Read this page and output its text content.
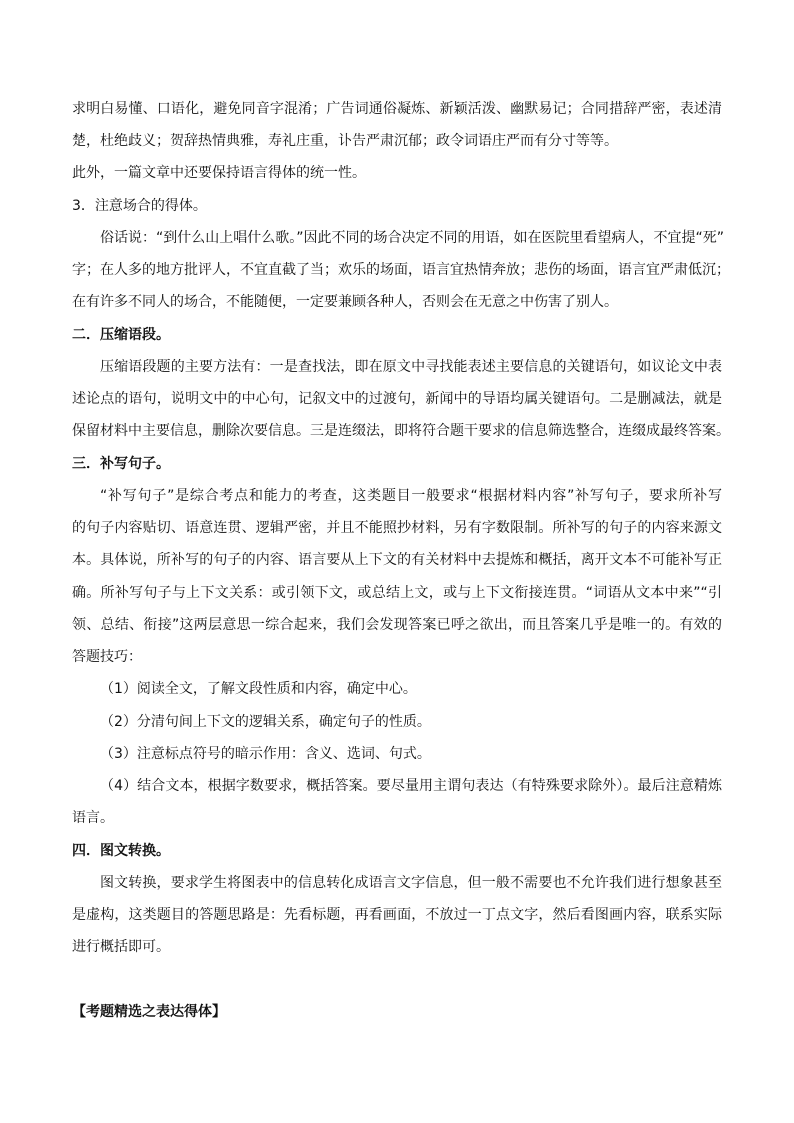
求明白易懂、口语化，避免同音字混淆；广告词通俗凝炼、新颖活泼、幽默易记；合同措辞严密，表述清
楚，杜绝歧义；贺辞热情典雅，寿礼庄重，讣告严肃沉郁；政令词语庄严而有分寸等等。
此外，一篇文章中还要保持语言得体的统一性。
3．注意场合的得体。
俗话说：“到什么山上唱什么歌。”因此不同的场合决定不同的用语，如在医院里看望病人，不宜提“死”
字；在人多的地方批评人，不宜直截了当；欢乐的场面，语言宜热情奔放；悲伤的场面，语言宜严肃低沉；
在有许多不同人的场合，不能随便，一定要兼顾各种人，否则会在无意之中伤害了别人。
二．压缩语段。
压缩语段题的主要方法有：一是查找法，即在原文中寻找能表述主要信息的关键语句，如议论文中表
述论点的语句，说明文中的中心句，记叙文中的过渡句，新闻中的导语均属关键语句。二是删减法，就是
保留材料中主要信息，删除次要信息。三是连缀法，即将符合题干要求的信息筛选整合，连缀成最终答案。
三．补写句子。
“补写句子”是综合考点和能力的考查，这类题目一般要求“根据材料内容”补写句子，要求所补写
的句子内容贴切、语意连贯、逻辑严密，并且不能照抄材料，另有字数限制。所补写的句子的内容来源文
本。具体说，所补写的句子的内容、语言要从上下文的有关材料中去提炼和概括，离开文本不可能补写正
确。所补写句子与上下文关系：或引领下文，或总结上文，或与上下文衔接连贯。“词语从文本中来”“引
领、总结、衔接”这两层意思一综合起来，我们会发现答案已呼之欲出，而且答案几乎是唯一的。有效的
答题技巧：
（1）阅读全文，了解文段性质和内容，确定中心。
（2）分清句间上下文的逻辑关系，确定句子的性质。
（3）注意标点符号的暗示作用：含义、选词、句式。
（4）结合文本，根据字数要求，概括答案。要尽量用主谓句表达（有特殊要求除外）。最后注意精炼
语言。
四．图文转换。
图文转换，要求学生将图表中的信息转化成语言文字信息，但一般不需要也不允许我们进行想象甚至
是虚构，这类题目的答题思路是：先看标题，再看画面，不放过一丁点文字，然后看图画内容，联系实际
进行概括即可。
【考题精选之表达得体】
